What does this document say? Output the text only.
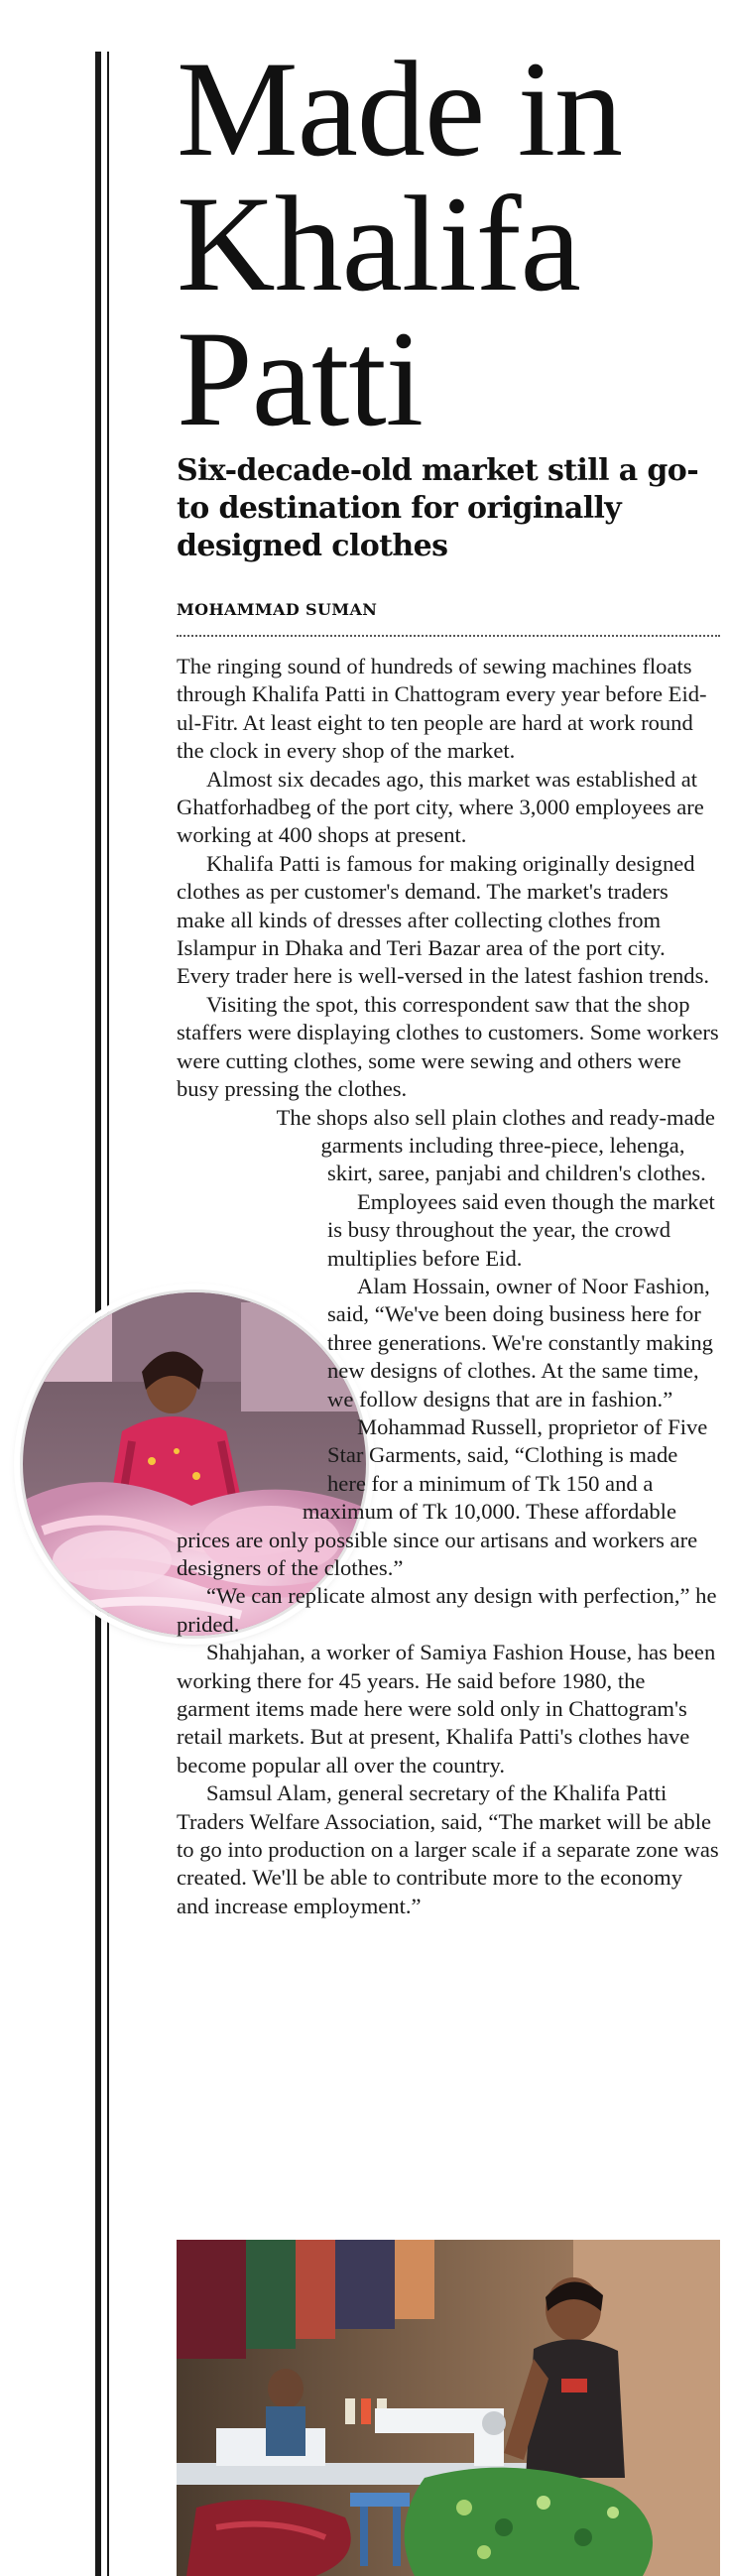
Made in
Khalifa
Patti
Six-decade-old market still a go-to destination for originally designed clothes
MOHAMMAD SUMAN

The ringing sound of hundreds of sewing machines floats through Khalifa Patti in Chattogram every year before Eid-ul-Fitr. At least eight to ten people are hard at work round the clock in every shop of the market.

Almost six decades ago, this market was established at Ghatforhadbeg of the port city, where 3,000 employees are working at 400 shops at present.

Khalifa Patti is famous for making originally designed clothes as per customer's demand. The market's traders make all kinds of dresses after collecting clothes from Islampur in Dhaka and Teri Bazar area of the port city. Every trader here is well-versed in the latest fashion trends.

Visiting the spot, this correspondent saw that the shop staffers were displaying clothes to customers. Some workers were cutting clothes, some were sewing and others were busy pressing the clothes.

The shops also sell plain clothes and ready-made garments including three-piece, lehenga, skirt, saree, panjabi and children's clothes.

Employees said even though the market is busy throughout the year, the crowd multiplies before Eid.

Alam Hossain, owner of Noor Fashion, said, “We've been doing business here for three generations. We're constantly making new designs of clothes. At the same time, we follow designs that are in fashion.”

Mohammad Russell, proprietor of Five Star Garments, said, “Clothing is made here for a minimum of Tk 150 and a maximum of Tk 10,000. These affordable prices are only possible since our artisans and workers are designers of the clothes.”

“We can replicate almost any design with perfection,” he prided.

Shahjahan, a worker of Samiya Fashion House, has been working there for 45 years. He said before 1980, the garment items made here were sold only in Chattogram's retail markets. But at present, Khalifa Patti's clothes have become popular all over the country.

Samsul Alam, general secretary of the Khalifa Patti Traders Welfare Association, said, “The market will be able to go into production on a larger scale if a separate zone was created. We'll be able to contribute more to the economy and increase employment.”
